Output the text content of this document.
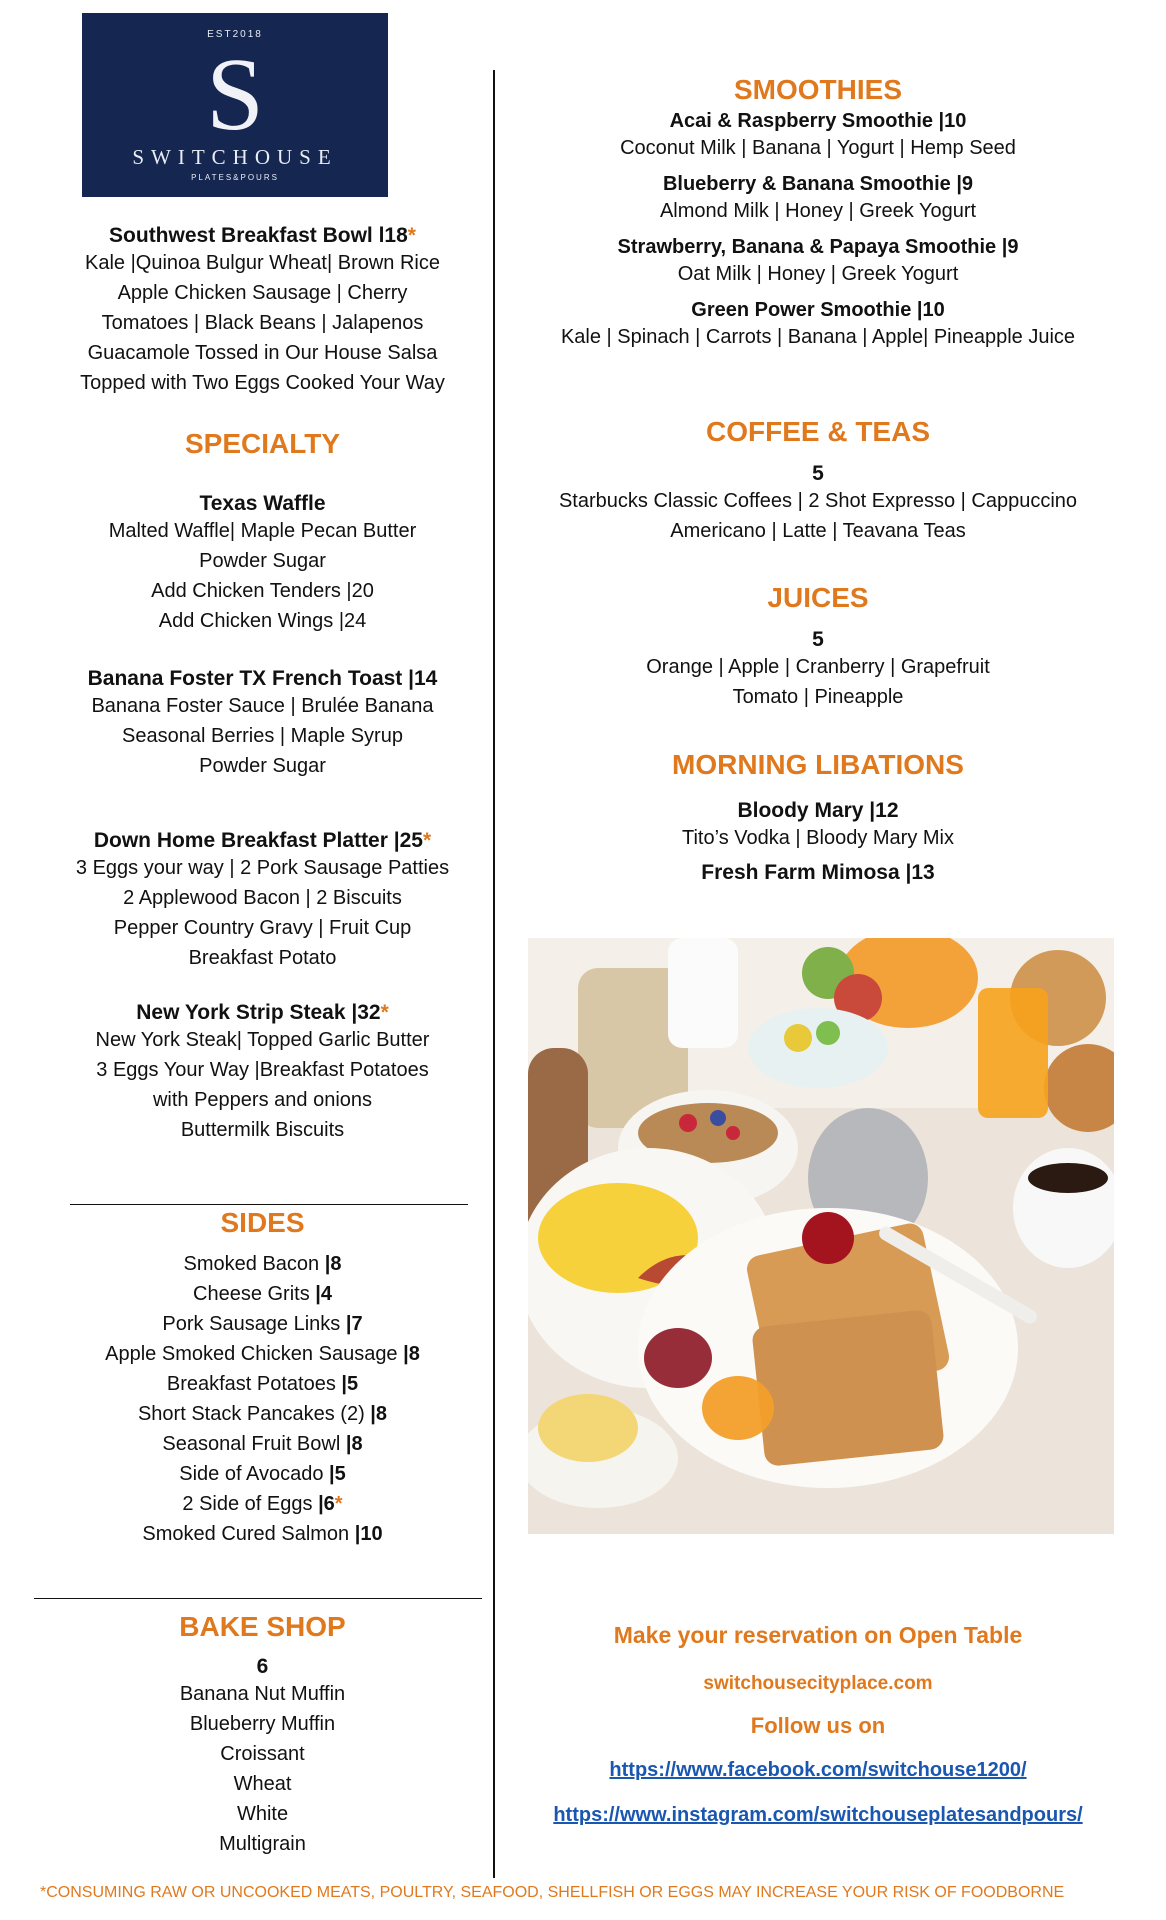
EST2018
S
SWITCHOUSE
PLATES&POURS

Southwest Breakfast Bowl l18*

Kale |Quinoa Bulgur Wheat| Brown Rice

Apple Chicken Sausage | Cherry

Tomatoes | Black Beans | Jalapenos

Guacamole Tossed in Our House Salsa

Topped with Two Eggs Cooked Your Way

SPECIALTY

Texas Waffle

Malted Waffle| Maple Pecan Butter

Powder Sugar

Add Chicken Tenders |20

Add Chicken Wings |24

Banana Foster TX French Toast |14

Banana Foster Sauce | Brulée Banana

Seasonal Berries | Maple Syrup

Powder Sugar

Down Home Breakfast Platter |25*

3 Eggs your way | 2 Pork Sausage Patties

2 Applewood Bacon | 2 Biscuits

Pepper Country Gravy | Fruit Cup

Breakfast Potato

New York Strip Steak |32*

New York Steak| Topped Garlic Butter

3 Eggs Your Way |Breakfast Potatoes

with Peppers and onions

Buttermilk Biscuits

SIDES

Smoked Bacon |8

Cheese Grits |4

Pork Sausage Links |7

Apple Smoked Chicken Sausage |8

Breakfast Potatoes |5

Short Stack Pancakes (2) |8

Seasonal Fruit Bowl |8

Side of Avocado |5

2 Side of Eggs |6*

Smoked Cured Salmon |10

BAKE SHOP

6

Banana Nut Muffin

Blueberry Muffin

Croissant

Wheat

White

Multigrain

SMOOTHIES

Acai & Raspberry Smoothie |10

Coconut Milk | Banana | Yogurt | Hemp Seed

Blueberry & Banana Smoothie |9

Almond Milk | Honey | Greek Yogurt

Strawberry, Banana & Papaya Smoothie |9

Oat Milk | Honey | Greek Yogurt

Green Power Smoothie |10

Kale | Spinach | Carrots | Banana | Apple| Pineapple Juice

COFFEE & TEAS

5

Starbucks Classic Coffees | 2 Shot Expresso | Cappuccino

Americano | Latte | Teavana Teas

JUICES

5

Orange | Apple | Cranberry | Grapefruit

Tomato | Pineapple

MORNING LIBATIONS

Bloody Mary |12

Tito’s Vodka | Bloody Mary Mix

Fresh Farm Mimosa |13

Make your reservation on Open Table

switchousecityplace.com

Follow us on

https://www.facebook.com/switchouse1200/

https://www.instagram.com/switchouseplatesandpours/

*CONSUMING RAW OR UNCOOKED MEATS, POULTRY, SEAFOOD, SHELLFISH OR EGGS MAY INCREASE YOUR RISK OF FOODBORNE
